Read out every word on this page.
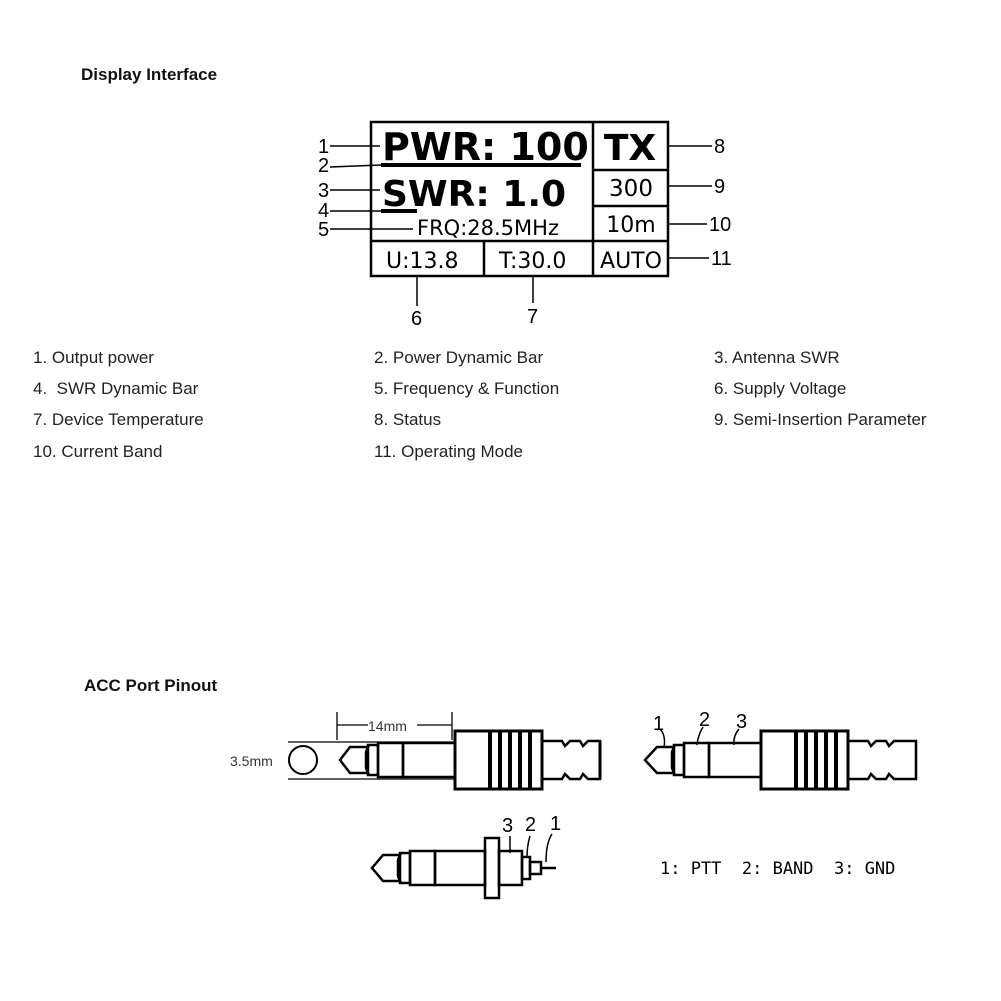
Display Interface
PWR: 100
SWR: 1.0
FRQ:28.5MHz
U:13.8 T:30.0
TX
300
10m
AUTO
1
2
3
4
5
6	7
8
9
10
11
14mm
3.5mm
1 2 3
3 2 1
1: PTT  2: BAND  3: GND
1. Output power	2. Power Dynamic Bar	3. Antenna SWR
4.  SWR Dynamic Bar	5. Frequency & Function	6. Supply Voltage
7. Device Temperature	8. Status	9. Semi-Insertion Parameter
10. Current Band	11. Operating Mode
ACC Port Pinout
